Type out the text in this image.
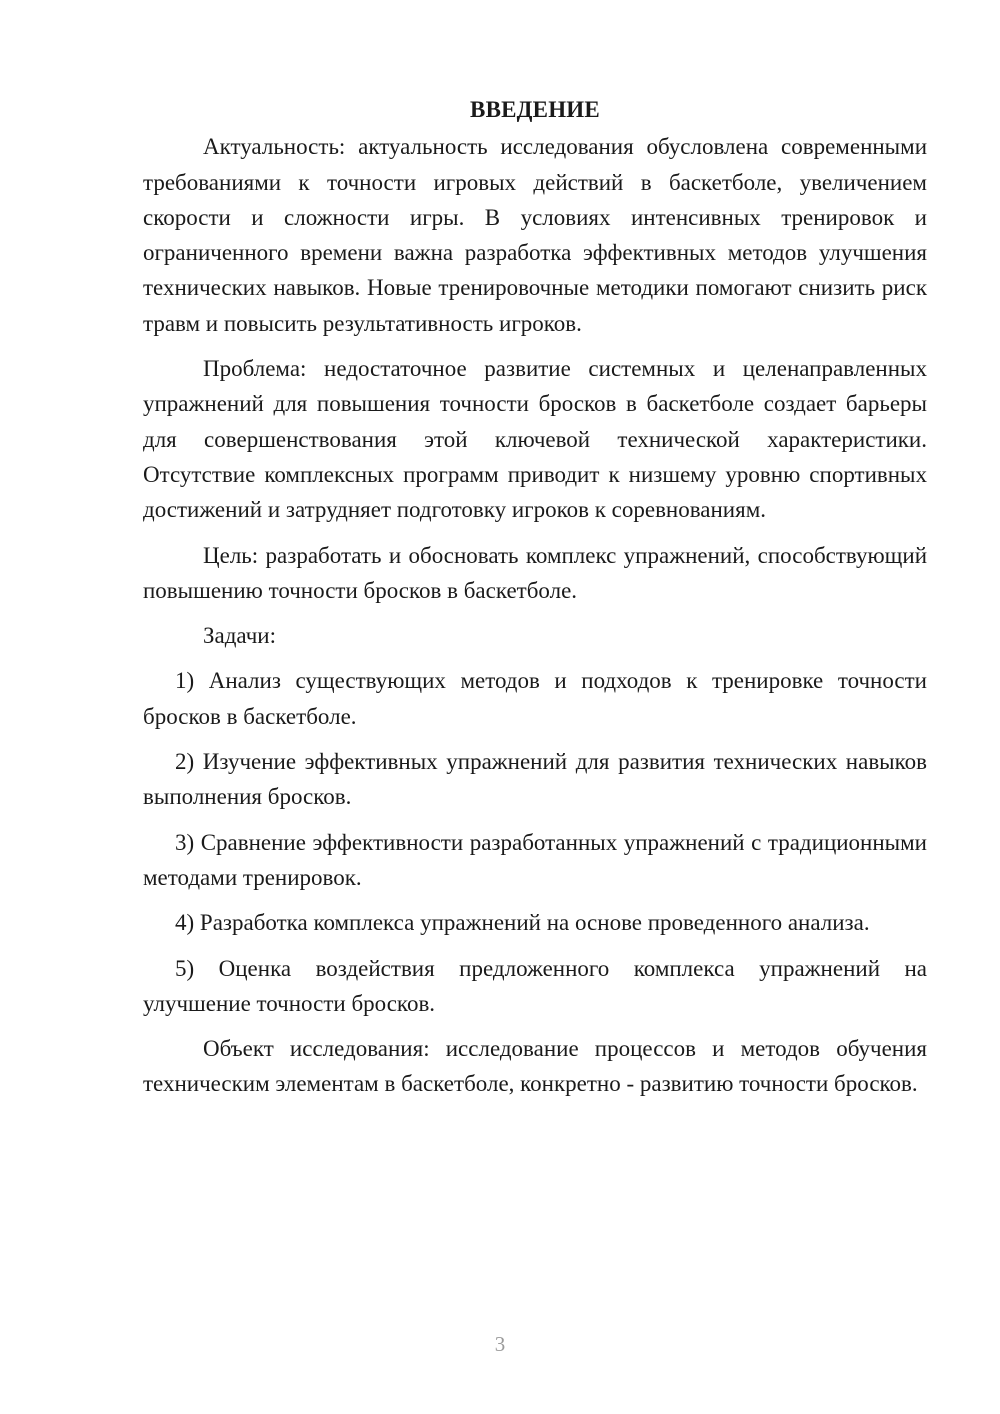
ВВЕДЕНИЕ

Актуальность: актуальность исследования обусловлена современными требованиями к точности игровых действий в баскетболе, увеличением скорости и сложности игры. В условиях интенсивных тренировок и ограниченного времени важна разработка эффективных методов улучшения технических навыков. Новые тренировочные методики помогают снизить риск травм и повысить результативность игроков.

Проблема: недостаточное развитие системных и целенаправленных упражнений для повышения точности бросков в баскетболе создает барьеры для совершенствования этой ключевой технической характеристики. Отсутствие комплексных программ приводит к низшему уровню спортивных достижений и затрудняет подготовку игроков к соревнованиям.

Цель: разработать и обосновать комплекс упражнений, способствующий повышению точности бросков в баскетболе.

Задачи:

1) Анализ существующих методов и подходов к тренировке точности бросков в баскетболе.

2) Изучение эффективных упражнений для развития технических навыков выполнения бросков.

3) Сравнение эффективности разработанных упражнений с традиционными методами тренировок.

4) Разработка комплекса упражнений на основе проведенного анализа.

5) Оценка воздействия предложенного комплекса упражнений на улучшение точности бросков.

Объект исследования: исследование процессов и методов обучения техническим элементам в баскетболе, конкретно - развитию точности бросков.

3
